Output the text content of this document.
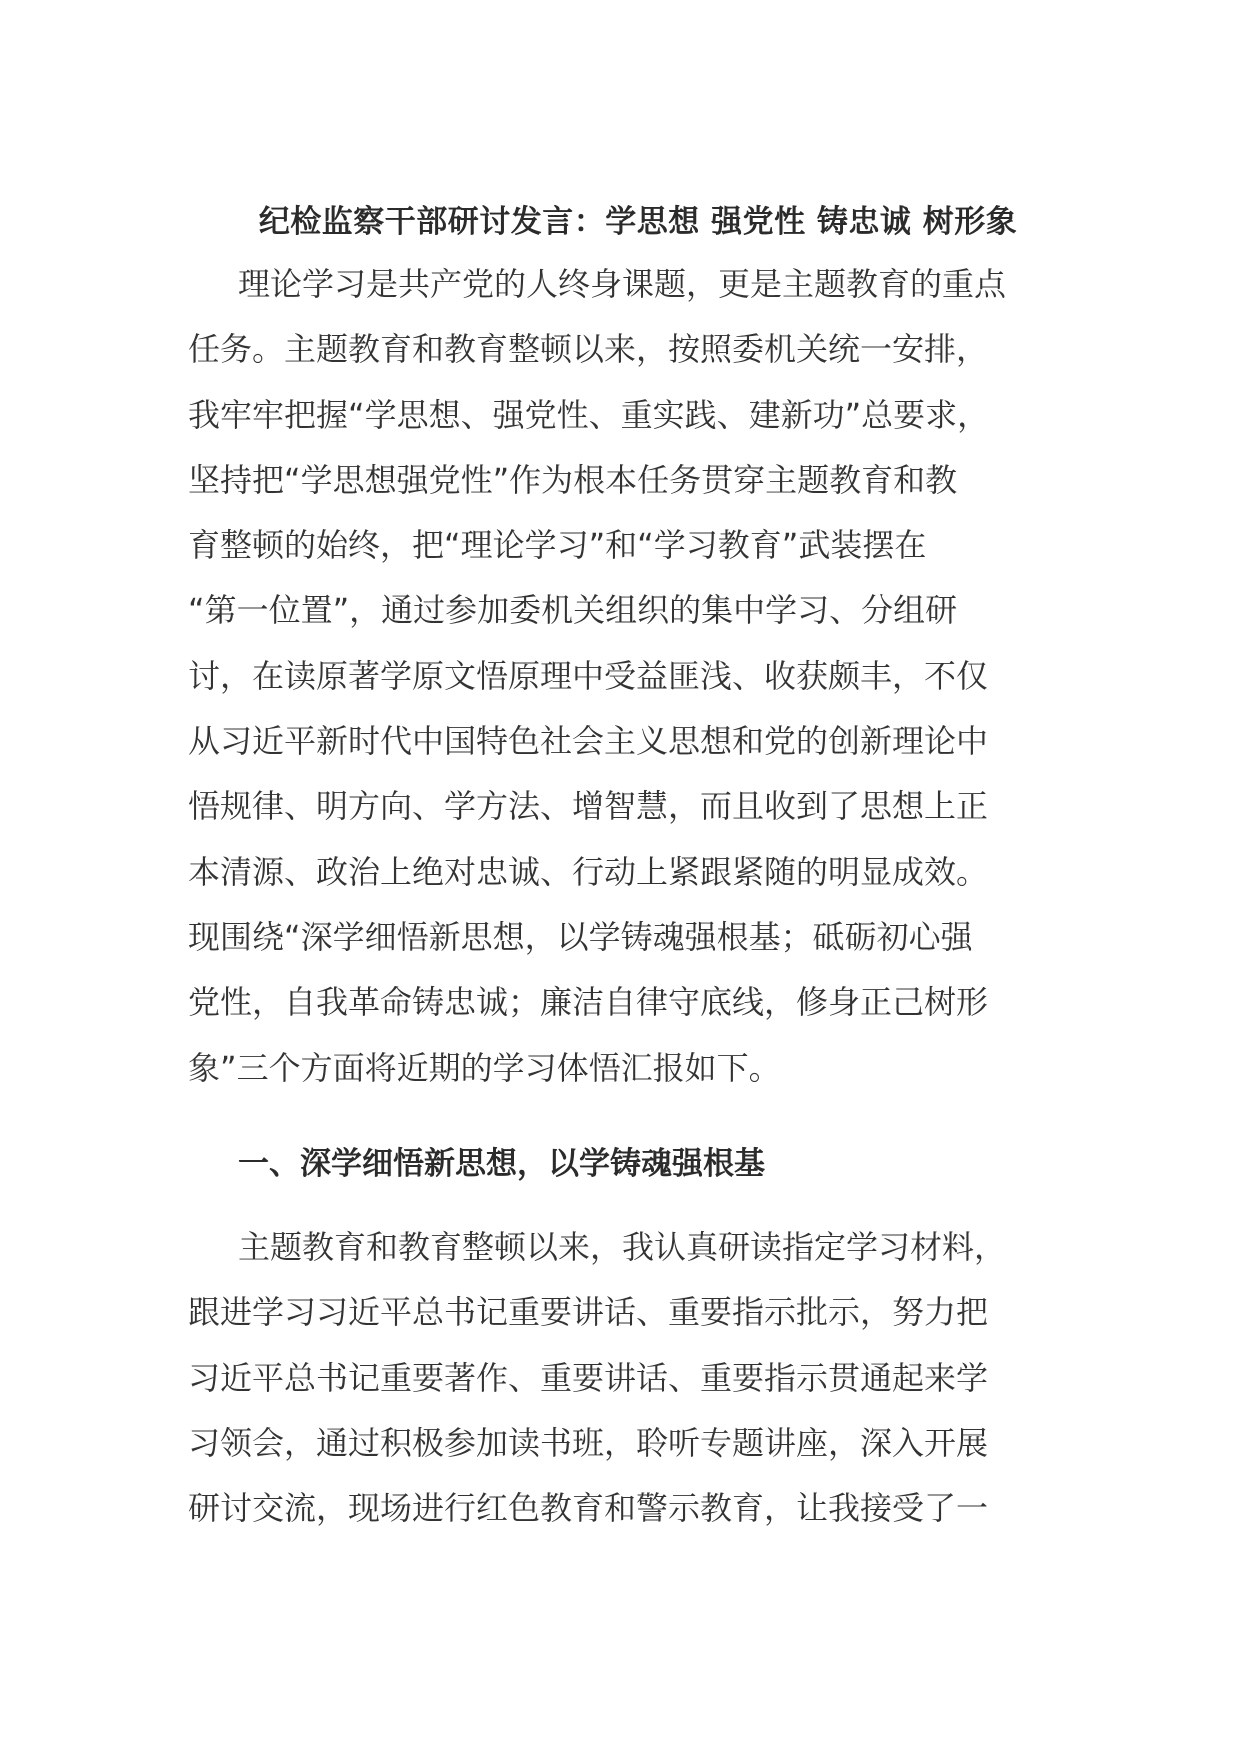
纪检监察干部研讨发言：学思想 强党性 铸忠诚 树形象
理论学习是共产党的人终身课题，更是主题教育的重点
任务。主题教育和教育整顿以来，按照委机关统一安排，
我牢牢把握“学思想、强党性、重实践、建新功”总要求，
坚持把“学思想强党性”作为根本任务贯穿主题教育和教
育整顿的始终，把“理论学习”和“学习教育”武装摆在
“第一位置”，通过参加委机关组织的集中学习、分组研
讨，在读原著学原文悟原理中受益匪浅、收获颇丰，不仅
从习近平新时代中国特色社会主义思想和党的创新理论中
悟规律、明方向、学方法、增智慧，而且收到了思想上正
本清源、政治上绝对忠诚、行动上紧跟紧随的明显成效。
现围绕“深学细悟新思想，以学铸魂强根基；砥砺初心强
党性，自我革命铸忠诚；廉洁自律守底线，修身正己树形
象”三个方面将近期的学习体悟汇报如下。
一、深学细悟新思想，以学铸魂强根基
主题教育和教育整顿以来，我认真研读指定学习材料，
跟进学习习近平总书记重要讲话、重要指示批示，努力把
习近平总书记重要著作、重要讲话、重要指示贯通起来学
习领会，通过积极参加读书班，聆听专题讲座，深入开展
研讨交流，现场进行红色教育和警示教育，让我接受了一
